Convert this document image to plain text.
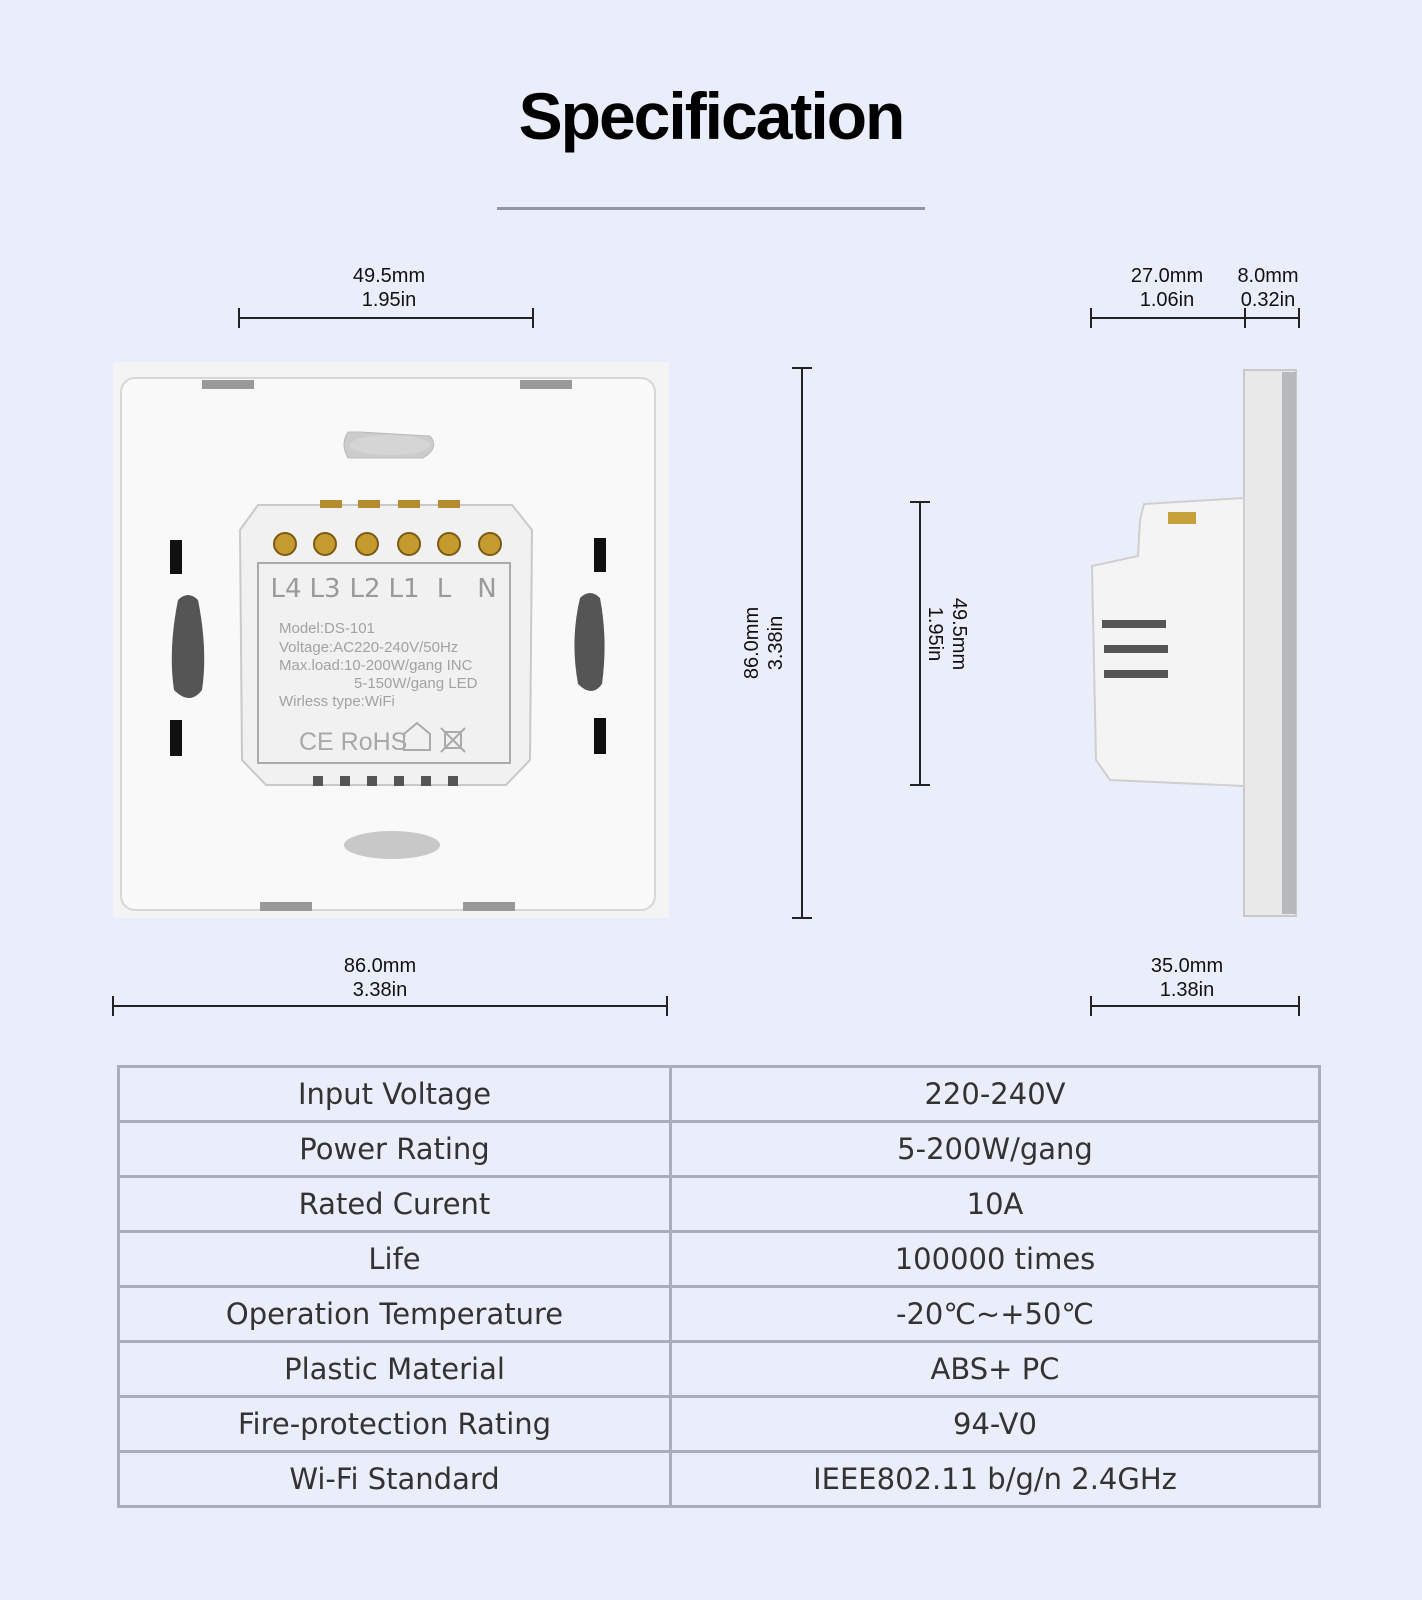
Specification
49.5mm
1.95in
86.0mm
3.38in
86.0mm 3.38in	49.5mm
1.95in
27.0mm
1.06in
8.0mm
0.32in
35.0mm
1.38in
L4 L3 L2 L1 L N
Model:DS-101
Voltage:AC220-240V/50Hz
Max.load:10-200W/gang INC
5-150W/gang LED
Wirless type:WiFi
CE RoHS
Input Voltage	220-240V
Power Rating	5-200W/gang
Rated Curent	10A
Life	100000 times
Operation Temperature	-20℃~+50℃
Plastic Material	ABS+ PC
Fire-protection Rating	94-V0
Wi-Fi Standard	IEEE802.11 b/g/n 2.4GHz
